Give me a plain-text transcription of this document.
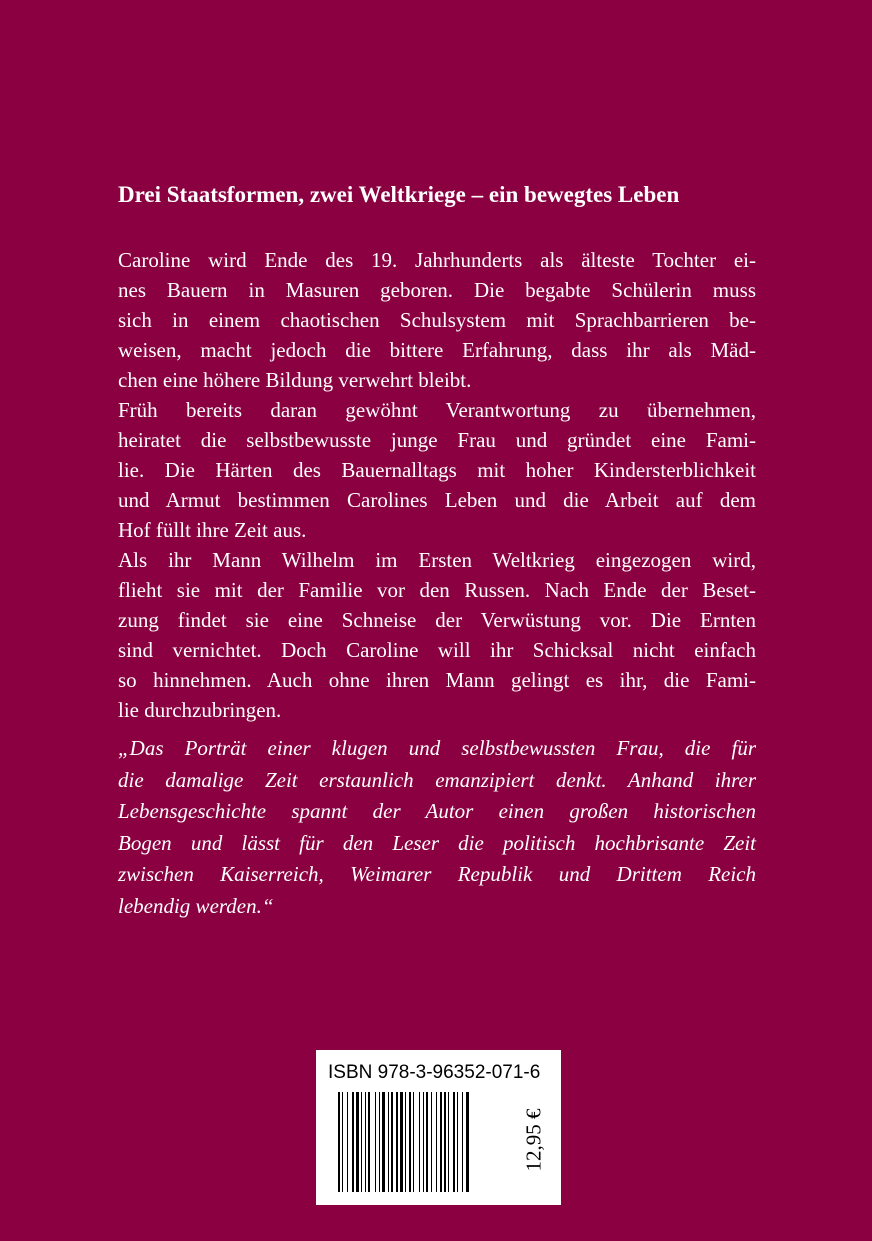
Drei Staatsformen, zwei Weltkriege – ein bewegtes Leben

Caroline wird Ende des 19. Jahrhunderts als älteste Tochter ei-
nes Bauern in Masuren geboren. Die begabte Schülerin muss
sich in einem chaotischen Schulsystem mit Sprachbarrieren be-
weisen, macht jedoch die bittere Erfahrung, dass ihr als Mäd-
chen eine höhere Bildung verwehrt bleibt.

Früh bereits daran gewöhnt Verantwortung zu übernehmen,
heiratet die selbstbewusste junge Frau und gründet eine Fami-
lie. Die Härten des Bauernalltags mit hoher Kindersterblichkeit
und Armut bestimmen Carolines Leben und die Arbeit auf dem
Hof füllt ihre Zeit aus.

Als ihr Mann Wilhelm im Ersten Weltkrieg eingezogen wird,
flieht sie mit der Familie vor den Russen. Nach Ende der Beset-
zung findet sie eine Schneise der Verwüstung vor. Die Ernten
sind vernichtet. Doch Caroline will ihr Schicksal nicht einfach
so hinnehmen. Auch ohne ihren Mann gelingt es ihr, die Fami-
lie durchzubringen.

„Das Porträt einer klugen und selbstbewussten Frau, die für
die damalige Zeit erstaunlich emanzipiert denkt. Anhand ihrer
Lebensgeschichte spannt der Autor einen großen historischen
Bogen und lässt für den Leser die politisch hochbrisante Zeit
zwischen Kaiserreich, Weimarer Republik und Drittem Reich
lebendig werden.“

ISBN 978-3-96352-071-6

12,95 €
